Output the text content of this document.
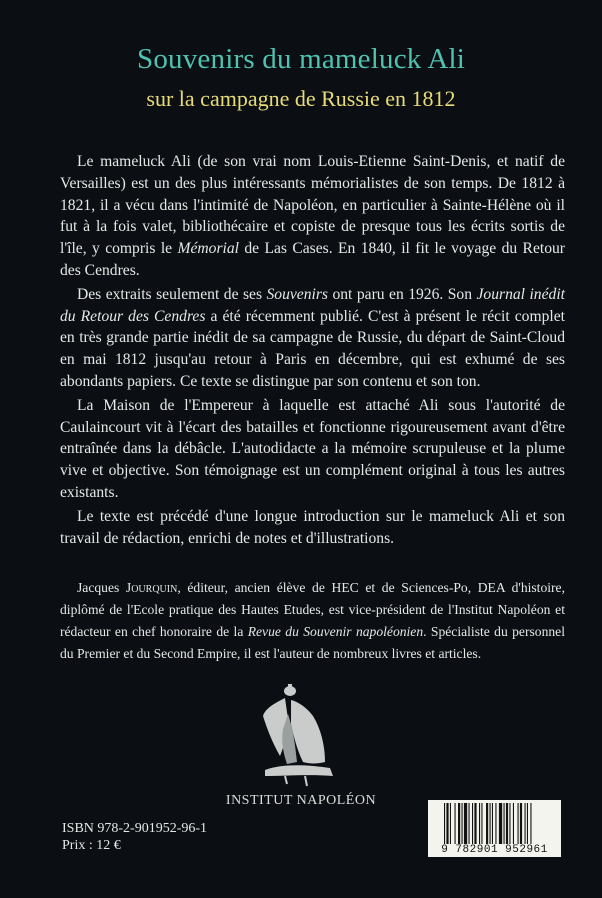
Souvenirs du mameluck Ali
sur la campagne de Russie en 1812

Le mameluck Ali (de son vrai nom Louis-Etienne Saint-Denis, et natif de Versailles) est un des plus intéressants mémorialistes de son temps. De 1812 à 1821, il a vécu dans l'intimité de Napoléon, en particulier à Sainte-Hélène où il fut à la fois valet, bibliothécaire et copiste de presque tous les écrits sortis de l'île, y compris le Mémorial de Las Cases. En 1840, il fit le voyage du Retour des Cendres.

Des extraits seulement de ses Souvenirs ont paru en 1926. Son Journal inédit du Retour des Cendres a été récemment publié. C'est à présent le récit complet en très grande partie inédit de sa campagne de Russie, du départ de Saint-Cloud en mai 1812 jusqu'au retour à Paris en décembre, qui est exhumé de ses abondants papiers. Ce texte se distingue par son contenu et son ton.

La Maison de l'Empereur à laquelle est attaché Ali sous l'autorité de Caulaincourt vit à l'écart des batailles et fonctionne rigoureusement avant d'être entraînée dans la débâcle. L'autodidacte a la mémoire scrupuleuse et la plume vive et objective. Son témoignage est un complément original à tous les autres existants.

Le texte est précédé d'une longue introduction sur le mameluck Ali et son travail de rédaction, enrichi de notes et d'illustrations.

Jacques Jourquin, éditeur, ancien élève de HEC et de Sciences-Po, DEA d'histoire, diplômé de l'Ecole pratique des Hautes Etudes, est vice-président de l'Institut Napoléon et rédacteur en chef honoraire de la Revue du Souvenir napoléonien. Spécialiste du personnel du Premier et du Second Empire, il est l'auteur de nombreux livres et articles.
INSTITUT NAPOLÉON
ISBN 978-2-901952-96-1
Prix : 12 €	9 782901 952961
